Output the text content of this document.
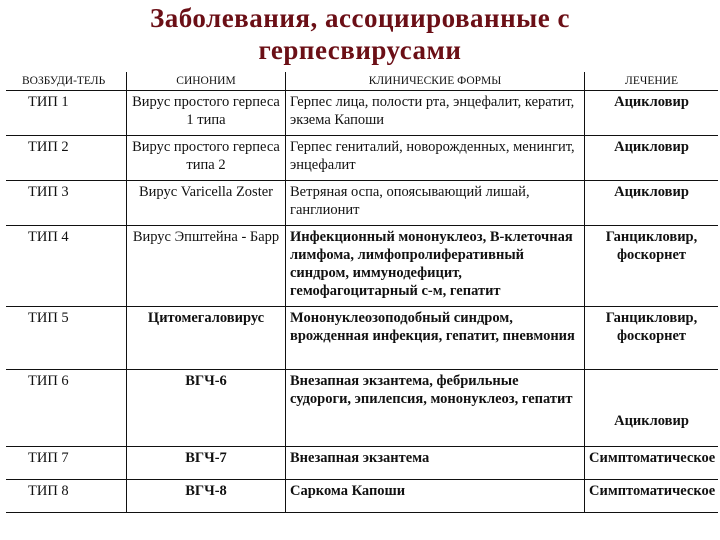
Заболевания, ассоциированные с
герпесвирусами
ВОЗБУДИ-ТЕЛЬ	СИНОНИМ	КЛИНИЧЕСКИЕ ФОРМЫ	ЛЕЧЕНИЕ
ТИП 1	Вирус простого герпеса 1 типа	Герпес лица, полости рта, энцефалит, кератит, экзема Капоши	Ацикловир
ТИП 2	Вирус простого герпеса типа 2	Герпес гениталий, новорожденных, менингит, энцефалит	Ацикловир
ТИП 3	Вирус Varicella Zoster	Ветряная оспа, опоясывающий лишай, ганглионит	Ацикловир
ТИП 4	Вирус Эпштейна - Барр	Инфекционный мононуклеоз, В-клеточная лимфома, лимфопролиферативный синдром, иммунодефицит, гемофагоцитарный с-м, гепатит	Ганцикловир, фоскорнет
ТИП 5	Цитомегаловирус	Мононуклеозоподобный синдром, врожденная инфекция, гепатит, пневмония	Ганцикловир, фоскорнет
ТИП 6	ВГЧ-6	Внезапная экзантема, фебрильные судороги, эпилепсия, мононуклеоз, гепатит	Ацикловир
ТИП 7	ВГЧ-7	Внезапная экзантема	Симптоматическое
ТИП 8	ВГЧ-8	Саркома Капоши	Симптоматическое
